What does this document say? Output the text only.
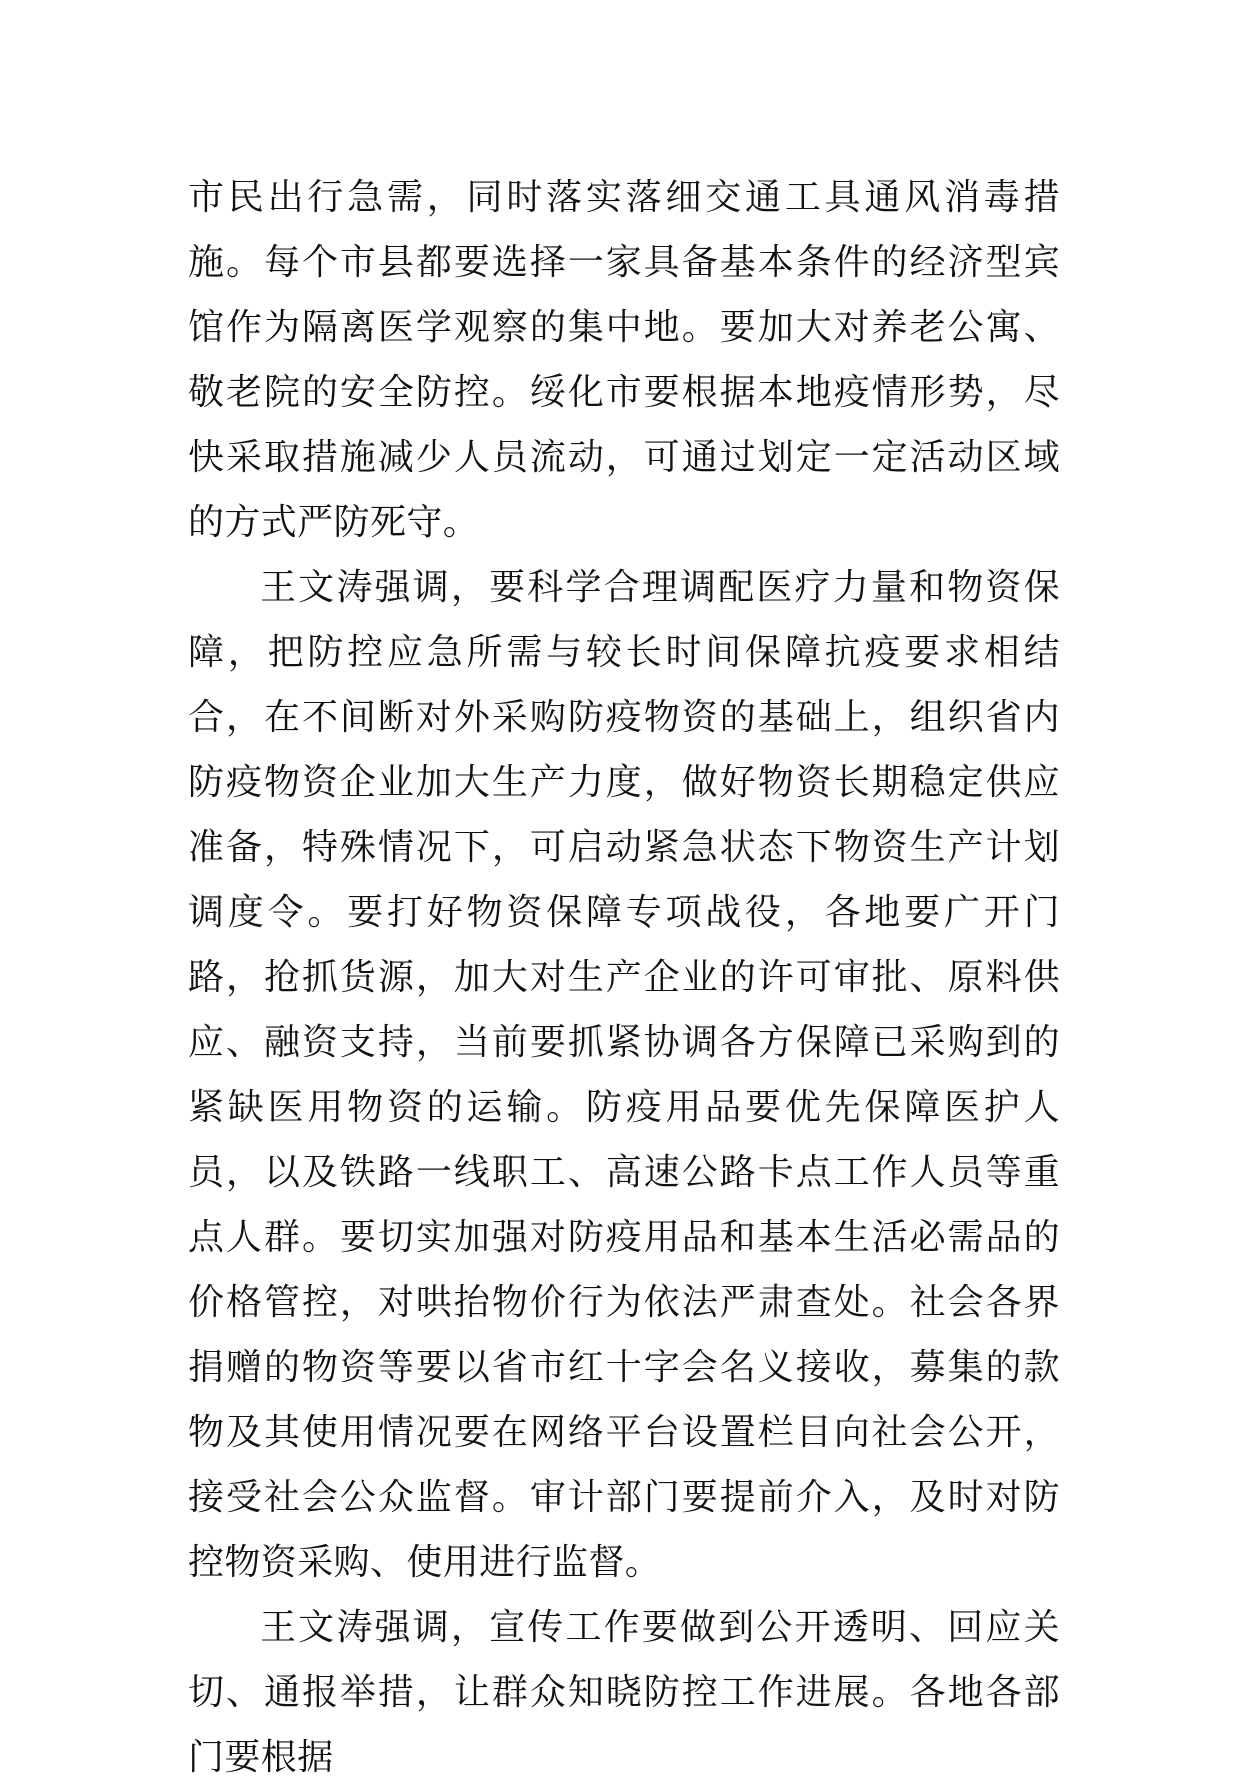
市民出行急需，同时落实落细交通工具通风消毒措施。每个市县都要选择一家具备基本条件的经济型宾馆作为隔离医学观察的集中地。要加大对养老公寓、敬老院的安全防控。绥化市要根据本地疫情形势，尽快采取措施减少人员流动，可通过划定一定活动区域的方式严防死守。

王文涛强调，要科学合理调配医疗力量和物资保障，把防控应急所需与较长时间保障抗疫要求相结合，在不间断对外采购防疫物资的基础上，组织省内防疫物资企业加大生产力度，做好物资长期稳定供应准备，特殊情况下，可启动紧急状态下物资生产计划调度令。要打好物资保障专项战役，各地要广开门路，抢抓货源，加大对生产企业的许可审批、原料供应、融资支持，当前要抓紧协调各方保障已采购到的紧缺医用物资的运输。防疫用品要优先保障医护人员，以及铁路一线职工、高速公路卡点工作人员等重点人群。要切实加强对防疫用品和基本生活必需品的价格管控，对哄抬物价行为依法严肃查处。社会各界捐赠的物资等要以省市红十字会名义接收，募集的款物及其使用情况要在网络平台设置栏目向社会公开，接受社会公众监督。审计部门要提前介入，及时对防控物资采购、使用进行监督。

王文涛强调，宣传工作要做到公开透明、回应关切、通报举措，让群众知晓防控工作进展。各地各部门要根据
